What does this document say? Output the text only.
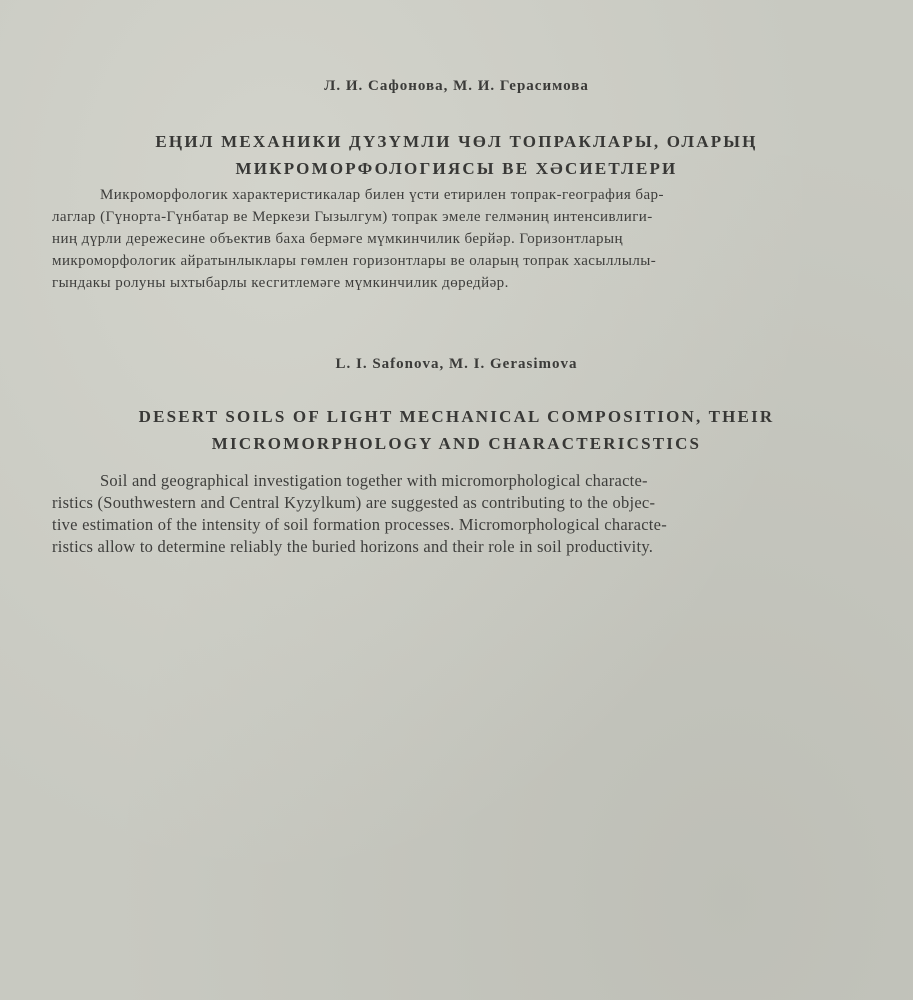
Л. И. Сафонова, М. И. Герасимова
ЕҢИЛ МЕХАНИКИ ДҮЗҮМЛИ ЧӨЛ ТОПРАКЛАРЫ, ОЛАРЫҢ
МИКРОМОРФОЛОГИЯСЫ ВЕ ХӘСИЕТЛЕРИ
Микроморфологик характеристикалар билен үсти етирилен топрак-география бар-
лаглар (Гүнорта-Гүнбатар ве Меркези Гызылгум) топрак эмеле гелмәниң интенсивлиги-
ниң дүрли дережесине объектив баха бермәге мүмкинчилик берйәр. Горизонтларың
микроморфологик айратынлыклары гөмлен горизонтлары ве оларың топрак хасыллылы-
гындакы ролуны ыхтыбарлы кесгитлемәге мүмкинчилик дөредйәр.
L. I. Safonova, M. I. Gerasimova
DESERT SOILS OF LIGHT MECHANICAL COMPOSITION, THEIR
MICROMORPHOLOGY AND CHARACTERICSTICS
Soil and geographical investigation together with micromorphological characte-
ristics (Southwestern and Central Kyzylkum) are suggested as contributing to the objec-
tive estimation of the intensity of soil formation processes. Micromorphological characte-
ristics allow to determine reliably the buried horizons and their role in soil productivity.
